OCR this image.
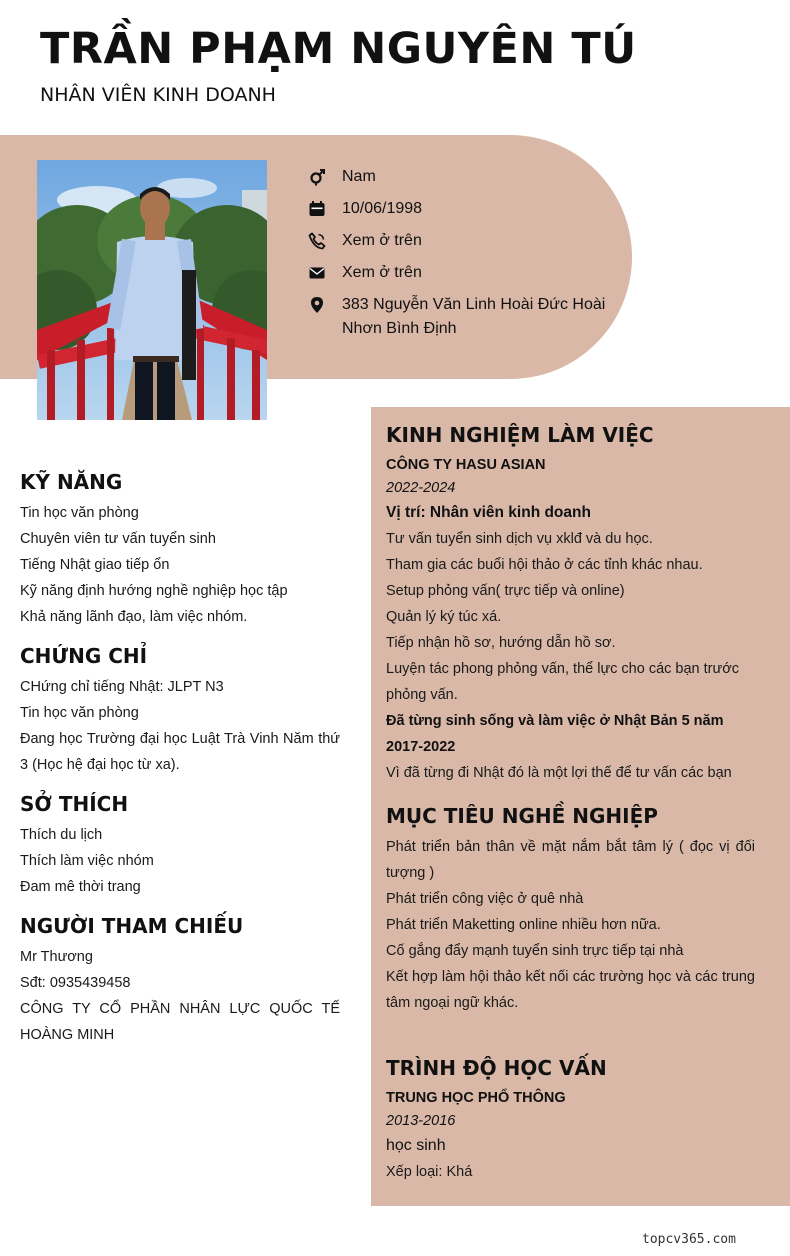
TRẦN PHẠM NGUYÊN TÚ
NHÂN VIÊN KINH DOANH
Nam
10/06/1998
Xem ở trên
Xem ở trên
383 Nguyễn Văn Linh Hoài Đức Hoài Nhơn Bình Định
KỸ NĂNG
Tin học văn phòng
Chuyên viên tư vấn tuyển sinh
Tiếng Nhật giao tiếp ổn
Kỹ năng định hướng nghề nghiệp học tập
Khả năng lãnh đạo, làm việc nhóm.
CHỨNG CHỈ
CHứng chỉ tiếng Nhật: JLPT N3
Tin học văn phòng
Đang học Trường đại học Luật Trà Vinh Năm thứ 3 (Học hệ đại học từ xa).
SỞ THÍCH
Thích du lịch
Thích làm việc nhóm
Đam mê thời trang
NGƯỜI THAM CHIẾU
Mr Thương
Sđt: 0935439458
CÔNG TY CỔ PHẦN NHÂN LỰC QUỐC TẾ HOÀNG MINH
KINH NGHIỆM LÀM VIỆC
CÔNG TY HASU ASIAN
2022-2024
Vị trí: Nhân viên kinh doanh
Tư vấn tuyển sinh dịch vụ xklđ và du học.
Tham gia các buổi hội thảo ở các tỉnh khác nhau.
Setup phỏng vấn( trực tiếp và online)
Quản lý ký túc xá.
Tiếp nhận hồ sơ, hướng dẫn hồ sơ.
Luyện tác phong phỏng vấn, thể lực cho các bạn trước phỏng vấn.
Đã từng sinh sống và làm việc ở Nhật Bản 5 năm 2017-2022
Vì đã từng đi Nhật đó là một lợi thế để tư vấn các bạn
MỤC TIÊU NGHỀ NGHIỆP
Phát triển bản thân về mặt nắm bắt tâm lý ( đọc vị đối tượng )
Phát triển công việc ở quê nhà
Phát triển Maketting online nhiều hơn nữa.
Cố gắng đẩy mạnh tuyển sinh trực tiếp tại nhà
Kết hợp làm hội thảo kết nối các trường học và các trung tâm ngoại ngữ khác.
TRÌNH ĐỘ HỌC VẤN
TRUNG HỌC PHỔ THÔNG
2013-2016
học sinh
Xếp loại: Khá
topcv365.com
